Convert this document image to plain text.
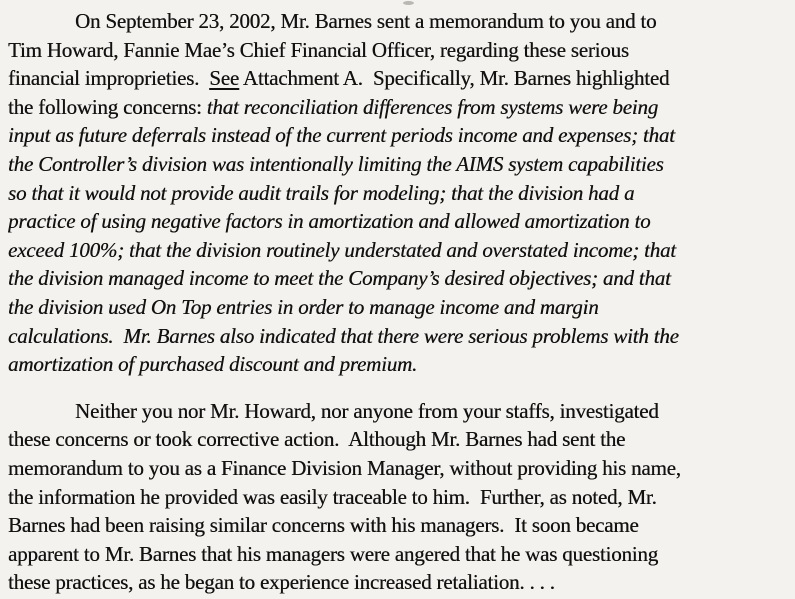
On September 23, 2002, Mr. Barnes sent a memorandum to you and to
Tim Howard, Fannie Mae’s Chief Financial Officer, regarding these serious
financial improprieties.  See Attachment A.  Specifically, Mr. Barnes highlighted
the following concerns: that reconciliation differences from systems were being
input as future deferrals instead of the current periods income and expenses; that
the Controller’s division was intentionally limiting the AIMS system capabilities
so that it would not provide audit trails for modeling; that the division had a
practice of using negative factors in amortization and allowed amortization to
exceed 100%; that the division routinely understated and overstated income; that
the division managed income to meet the Company’s desired objectives; and that
the division used On Top entries in order to manage income and margin
calculations.  Mr. Barnes also indicated that there were serious problems with the
amortization of purchased discount and premium.
Neither you nor Mr. Howard, nor anyone from your staffs, investigated
these concerns or took corrective action.  Although Mr. Barnes had sent the
memorandum to you as a Finance Division Manager, without providing his name,
the information he provided was easily traceable to him.  Further, as noted, Mr.
Barnes had been raising similar concerns with his managers.  It soon became
apparent to Mr. Barnes that his managers were angered that he was questioning
these practices, as he began to experience increased retaliation. . . .
